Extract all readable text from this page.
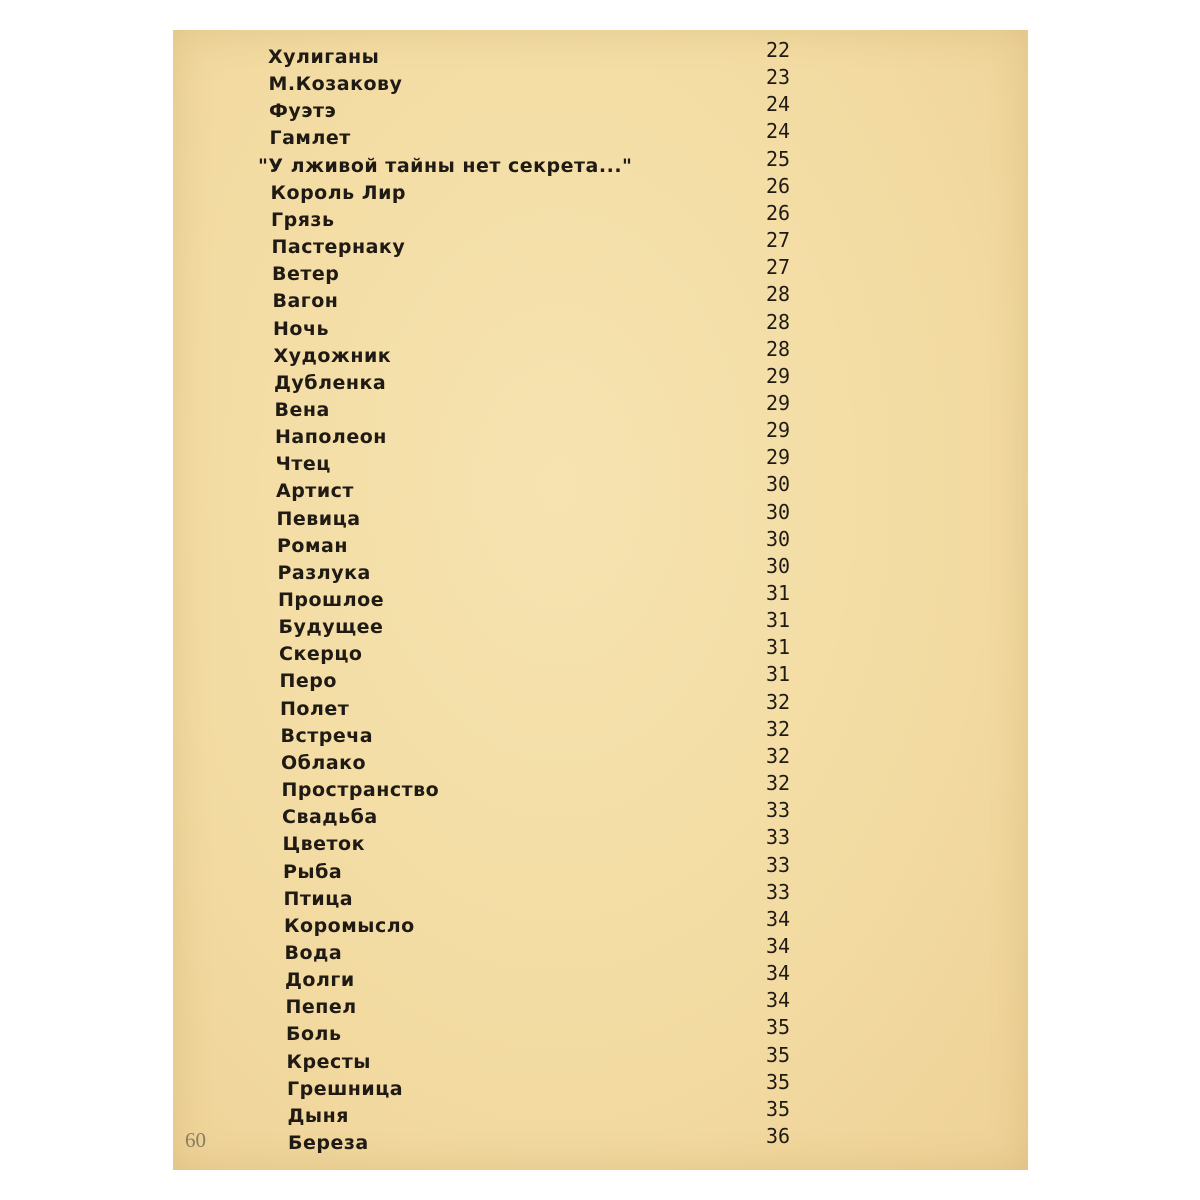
Хулиганы	22
М.Козакову	23
Фуэтэ	24
Гамлет	24
"У лживой тайны нет секрета..."	25
Король Лир	26
Грязь	26
Пастернаку	27
Ветер	27
Вагон	28
Ночь	28
Художник	28
Дубленка	29
Вена	29
Наполеон	29
Чтец	29
Артист	30
Певица	30
Роман	30
Разлука	30
Прошлое	31
Будущее	31
Скерцо	31
Перо	31
Полет	32
Встреча	32
Облако	32
Пространство	32
Свадьба	33
Цветок	33
Рыба	33
Птица	33
Коромысло	34
Вода	34
Долги	34
Пепел	34
Боль	35
Кресты	35
Грешница	35
Дыня	35
Береза	36
60
